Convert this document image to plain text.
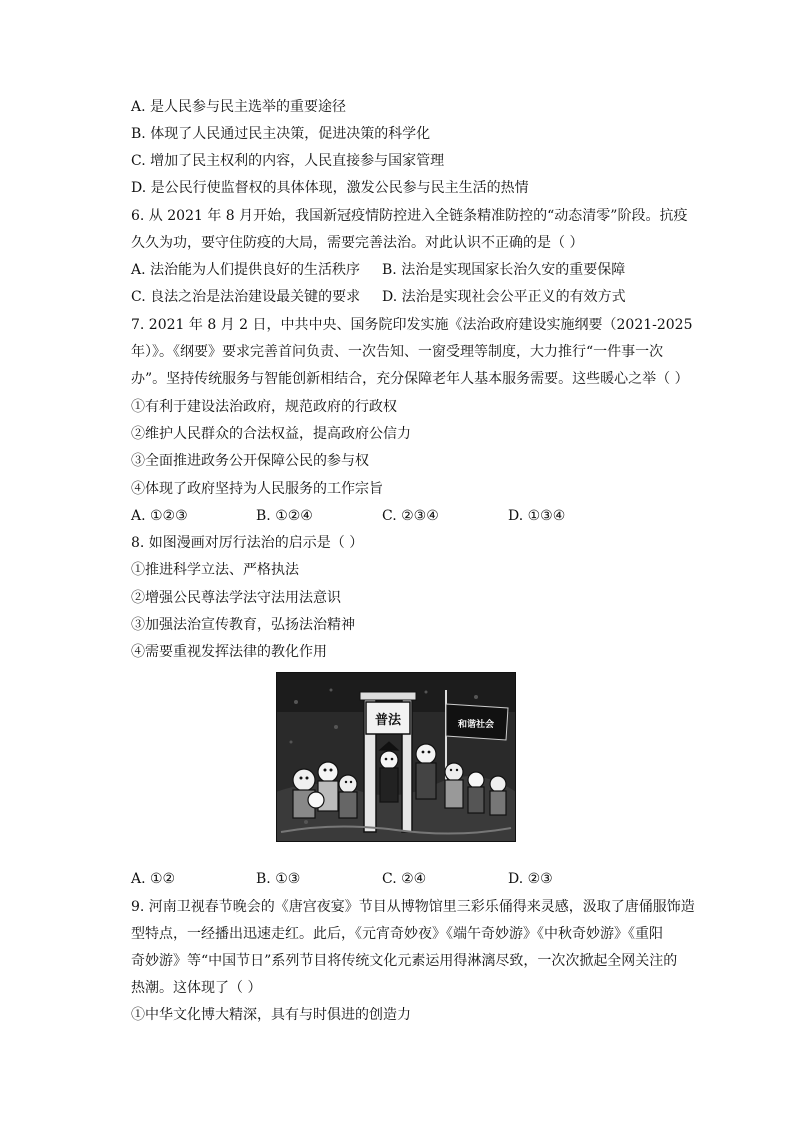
A. 是人民参与民主选举的重要途径
B. 体现了人民通过民主决策，促进决策的科学化
C. 增加了民主权利的内容，人民直接参与国家管理
D. 是公民行使监督权的具体体现，激发公民参与民主生活的热情
6. 从 2021 年 8 月开始，我国新冠疫情防控进入全链条精准防控的“动态清零”阶段。抗疫
久久为功，要守住防疫的大局，需要完善法治。对此认识不正确的是（ ）
A. 法治能为人们提供良好的生活秩序 B. 法治是实现国家长治久安的重要保障
C. 良法之治是法治建设最关键的要求 D. 法治是实现社会公平正义的有效方式
7. 2021 年 8 月 2 日，中共中央、国务院印发实施《法治政府建设实施纲要（2021-2025
年）》。《纲要》要求完善首问负责、一次告知、一窗受理等制度，大力推行“一件事一次
办”。坚持传统服务与智能创新相结合，充分保障老年人基本服务需要。这些暖心之举（ ）
①有利于建设法治政府，规范政府的行政权
②维护人民群众的合法权益，提高政府公信力
③全面推进政务公开保障公民的参与权
④体现了政府坚持为人民服务的工作宗旨
A. ①②③	B. ①②④	C. ②③④	D. ①③④
8. 如图漫画对厉行法治的启示是（ ）
①推进科学立法、严格执法
②增强公民尊法学法守法用法意识
③加强法治宣传教育，弘扬法治精神
④需要重视发挥法律的教化作用
普法	和谐社会
A. ①②	B. ①③	C. ②④	D. ②③
9. 河南卫视春节晚会的《唐宫夜宴》节目从博物馆里三彩乐俑得来灵感，汲取了唐俑服饰造
型特点，一经播出迅速走红。此后，《元宵奇妙夜》《端午奇妙游》《中秋奇妙游》《重阳
奇妙游》等“中国节日”系列节目将传统文化元素运用得淋漓尽致，一次次掀起全网关注的
热潮。这体现了（ ）
①中华文化博大精深，具有与时俱进的创造力
